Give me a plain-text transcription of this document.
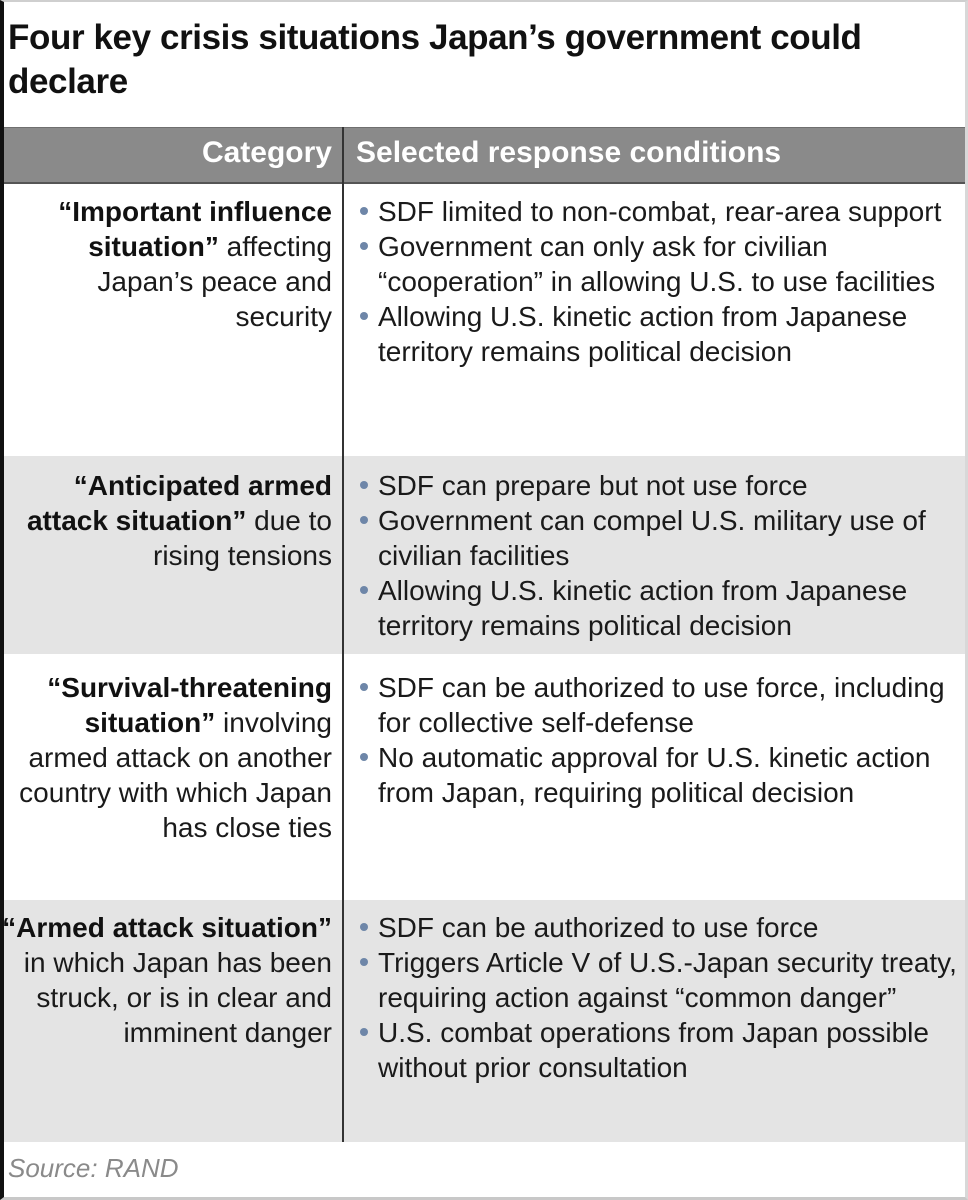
Four key crisis situations Japan’s government could declare
Category Selected response conditions
“Important influence situation” affecting Japan’s peace and security
SDF limited to non-combat, rear-area support
Government can only ask for civilian “cooperation” in allowing U.S. to use facilities
Allowing U.S. kinetic action from Japanese territory remains political decision
“Anticipated armed attack situation” due to rising tensions
SDF can prepare but not use force
Government can compel U.S. military use of civilian facilities
Allowing U.S. kinetic action from Japanese territory remains political decision
“Survival-threatening situation” involving armed attack on another country with which Japan has close ties
SDF can be authorized to use force, including for collective self-defense
No automatic approval for U.S. kinetic action from Japan, requiring political decision
“Armed attack situation” in which Japan has been struck, or is in clear and imminent danger
SDF can be authorized to use force
Triggers Article V of U.S.-Japan security treaty, requiring action against “common danger”
U.S. combat operations from Japan possible without prior consultation
Source: RAND
